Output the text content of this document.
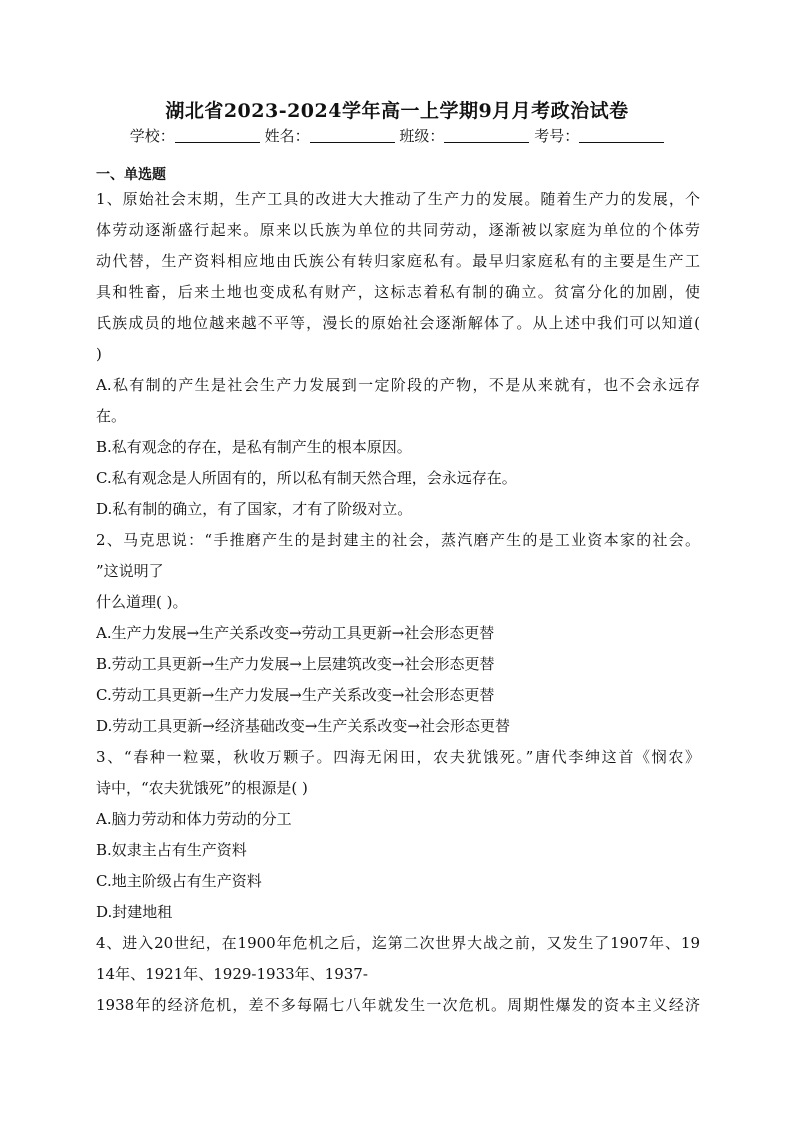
湖北省2023-2024学年高一上学期9月月考政治试卷
学校：	姓名：	班级：	考号：
一、单选题
1、原始社会末期，生产工具的改进大大推动了生产力的发展。随着生产力的发展，个
体劳动逐渐盛行起来。原来以氏族为单位的共同劳动，逐渐被以家庭为单位的个体劳
动代替，生产资料相应地由氏族公有转归家庭私有。最早归家庭私有的主要是生产工
具和牲畜，后来土地也变成私有财产，这标志着私有制的确立。贫富分化的加剧，使
氏族成员的地位越来越不平等，漫长的原始社会逐渐解体了。从上述中我们可以知道(
)
A.私有制的产生是社会生产力发展到一定阶段的产物，不是从来就有，也不会永远存
在。
B.私有观念的存在，是私有制产生的根本原因。
C.私有观念是人所固有的，所以私有制天然合理，会永远存在。
D.私有制的确立，有了国家，才有了阶级对立。
2、马克思说：“手推磨产生的是封建主的社会，蒸汽磨产生的是工业资本家的社会。
”这说明了
什么道理( )。
A.生产力发展→生产关系改变→劳动工具更新→社会形态更替
B.劳动工具更新→生产力发展→上层建筑改变→社会形态更替
C.劳动工具更新→生产力发展→生产关系改变→社会形态更替
D.劳动工具更新→经济基础改变→生产关系改变→社会形态更替
3、“春种一粒粟，秋收万颗子。四海无闲田，农夫犹饿死。”唐代李绅这首《悯农》
诗中，“农夫犹饿死”的根源是( )
A.脑力劳动和体力劳动的分工
B.奴隶主占有生产资料
C.地主阶级占有生产资料
D.封建地租
4、进入20世纪，在1900年危机之后，迄第二次世界大战之前，又发生了1907年、19
14年、1921年、1929-1933年、1937-
1938年的经济危机，差不多每隔七八年就发生一次危机。周期性爆发的资本主义经济
